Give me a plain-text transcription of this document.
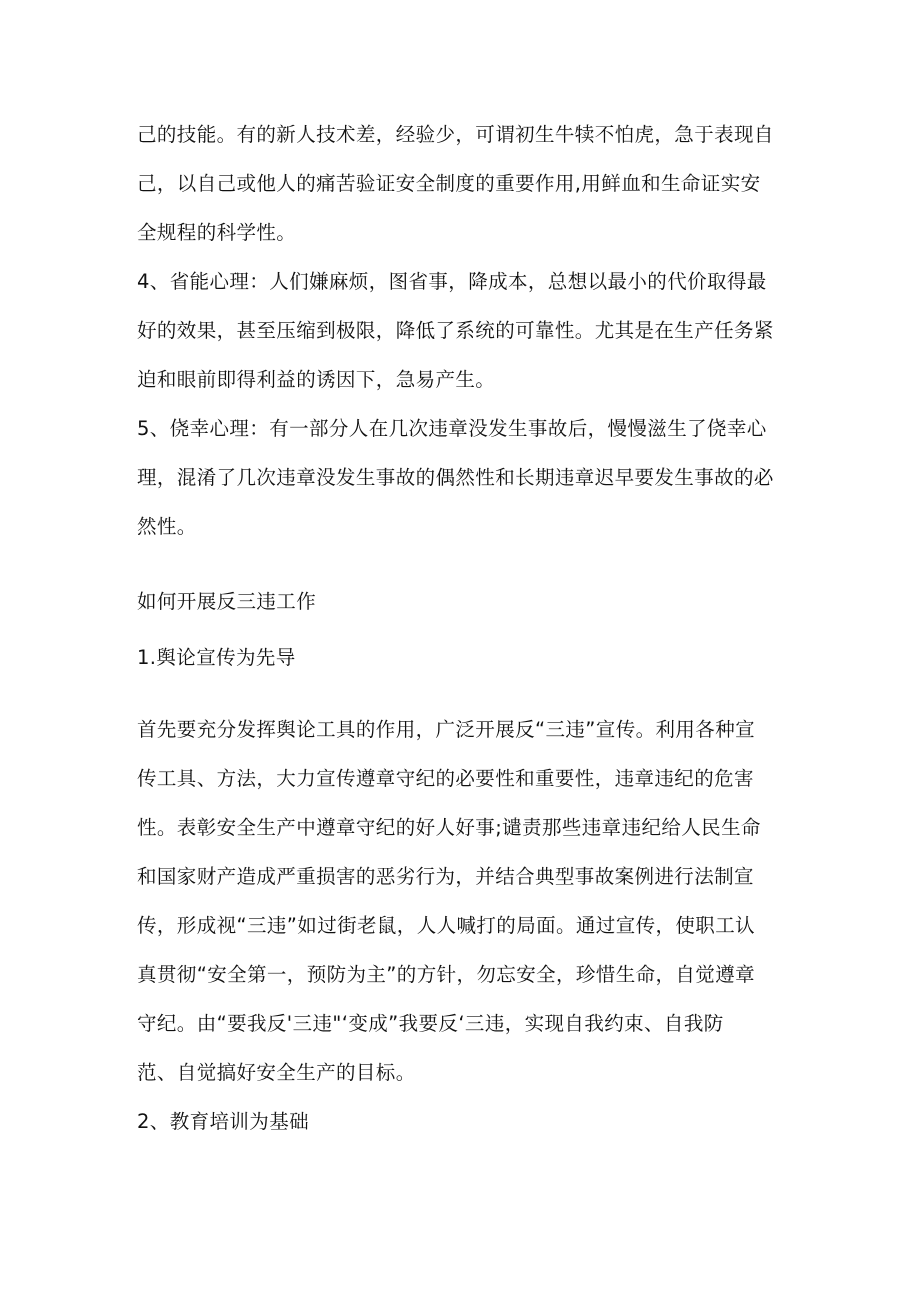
己的技能。有的新人技术差，经验少，可谓初生牛犊不怕虎，急于表现自
己，以自己或他人的痛苦验证安全制度的重要作用,用鲜血和生命证实安
全规程的科学性。
4、省能心理：人们嫌麻烦，图省事，降成本，总想以最小的代价取得最
好的效果，甚至压缩到极限，降低了系统的可靠性。尤其是在生产任务紧
迫和眼前即得利益的诱因下，急易产生。
5、侥幸心理：有一部分人在几次违章没发生事故后，慢慢滋生了侥幸心
理，混淆了几次违章没发生事故的偶然性和长期违章迟早要发生事故的必
然性。
如何开展反三违工作
1.舆论宣传为先导
首先要充分发挥舆论工具的作用，广泛开展反“三违”宣传。利用各种宣
传工具、方法，大力宣传遵章守纪的必要性和重要性，违章违纪的危害
性。表彰安全生产中遵章守纪的好人好事;谴责那些违章违纪给人民生命
和国家财产造成严重损害的恶劣行为，并结合典型事故案例进行法制宣
传，形成视“三违”如过街老鼠，人人喊打的局面。通过宣传，使职工认
真贯彻“安全第一，预防为主”的方针，勿忘安全，珍惜生命，自觉遵章
守纪。由“要我反'三违"‘变成”我要反‘三违，实现自我约束、自我防
范、自觉搞好安全生产的目标。
2、教育培训为基础
